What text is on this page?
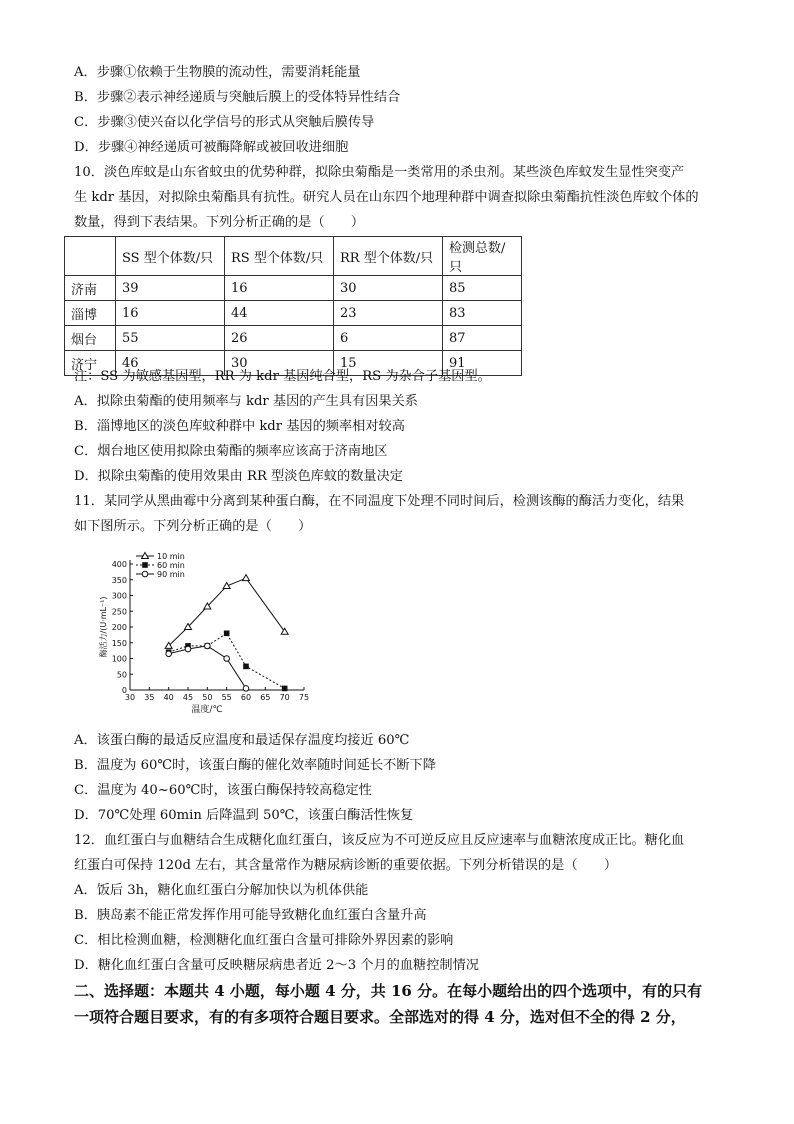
A．步骤①依赖于生物膜的流动性，需要消耗能量
B．步骤②表示神经递质与突触后膜上的受体特异性结合
C．步骤③使兴奋以化学信号的形式从突触后膜传导
D．步骤④神经递质可被酶降解或被回收进细胞
10．淡色库蚊是山东省蚊虫的优势种群，拟除虫菊酯是一类常用的杀虫剂。某些淡色库蚊发生显性突变产
生 kdr 基因，对拟除虫菊酯具有抗性。研究人员在山东四个地理种群中调查拟除虫菊酯抗性淡色库蚊个体的
数量，得到下表结果。下列分析正确的是（　　）
	SS 型个体数/只	RS 型个体数/只	RR 型个体数/只	检测总数/只
济南	39	16	30	85
淄博	16	44	23	83
烟台	55	26	6	87
济宁	46	30	15	91
注：SS 为敏感基因型，RR 为 kdr 基因纯合型，RS 为杂合子基因型。
A．拟除虫菊酯的使用频率与 kdr 基因的产生具有因果关系
B．淄博地区的淡色库蚊种群中 kdr 基因的频率相对较高
C．烟台地区使用拟除虫菊酯的频率应该高于济南地区
D．拟除虫菊酯的使用效果由 RR 型淡色库蚊的数量决定
11．某同学从黑曲霉中分离到某种蛋白酶，在不同温度下处理不同时间后，检测该酶的酶活力变化，结果
如下图所示。下列分析正确的是（　　）
30 35 40 45 50 55 60 65 70 75
0
50
100
150
200
250
300
350
400
温度/℃
酶活力/(U·mL⁻¹)
10 min
60 min
90 min
A．该蛋白酶的最适反应温度和最适保存温度均接近 60℃
B．温度为 60℃时，该蛋白酶的催化效率随时间延长不断下降
C．温度为 40~60℃时，该蛋白酶保持较高稳定性
D．70℃处理 60min 后降温到 50℃，该蛋白酶活性恢复
12．血红蛋白与血糖结合生成糖化血红蛋白，该反应为不可逆反应且反应速率与血糖浓度成正比。糖化血
红蛋白可保持 120d 左右，其含量常作为糖尿病诊断的重要依据。下列分析错误的是（　　）
A．饭后 3h，糖化血红蛋白分解加快以为机体供能
B．胰岛素不能正常发挥作用可能导致糖化血红蛋白含量升高
C．相比检测血糖，检测糖化血红蛋白含量可排除外界因素的影响
D．糖化血红蛋白含量可反映糖尿病患者近 2～3 个月的血糖控制情况
二、选择题：本题共 4 小题，每小题 4 分，共 16 分。在每小题给出的四个选项中，有的只有
一项符合题目要求，有的有多项符合题目要求。全部选对的得 4 分，选对但不全的得 2 分，
